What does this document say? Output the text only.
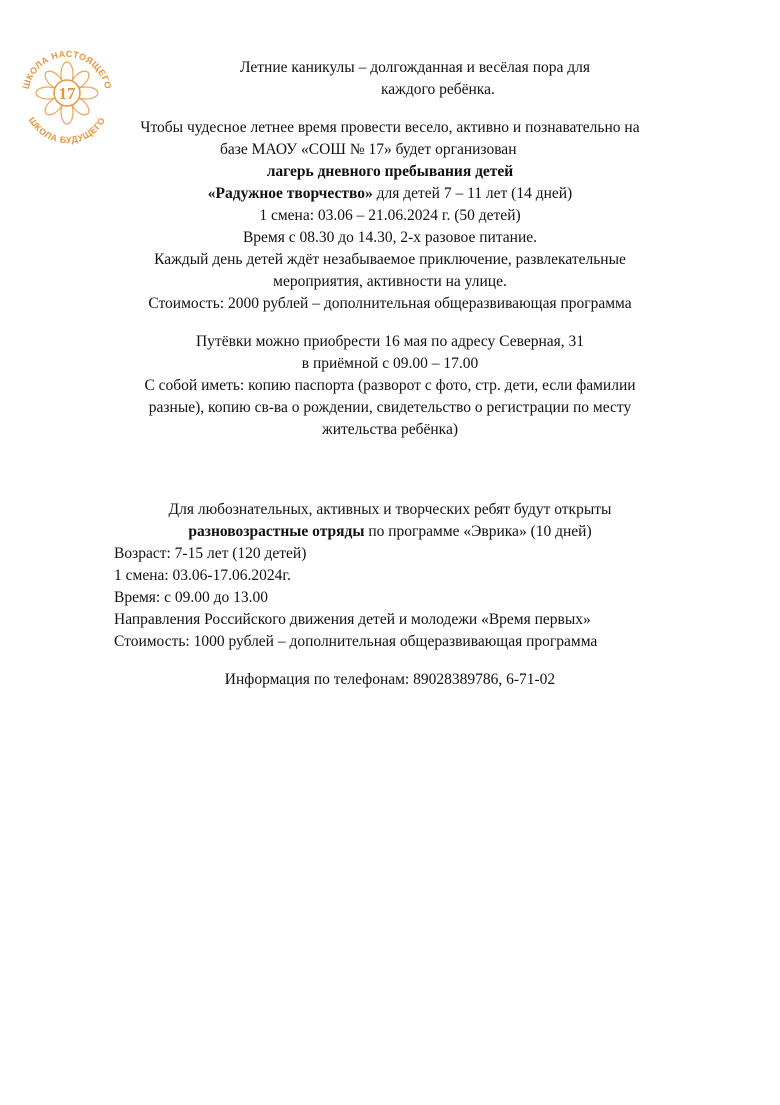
17
ШКОЛА НАСТОЯЩЕГО
ШКОЛА БУДУЩЕГО
Летние каникулы – долгожданная и весёлая пора для
каждого ребёнка.
Чтобы чудесное летнее время провести весело, активно и познавательно на
базе МАОУ «СОШ № 17» будет организован
лагерь дневного пребывания детей
«Радужное творчество» для детей 7 – 11 лет (14 дней)
1 смена: 03.06 – 21.06.2024 г. (50 детей)
Время с 08.30 до 14.30, 2-х разовое питание.
Каждый день детей ждёт незабываемое приключение, развлекательные
мероприятия, активности на улице.
Стоимость: 2000 рублей – дополнительная общеразвивающая программа
Путёвки можно приобрести 16 мая по адресу Северная, 31
в приёмной с 09.00 – 17.00
С собой иметь: копию паспорта (разворот с фото, стр. дети, если фамилии
разные), копию св-ва о рождении, свидетельство о регистрации по месту
жительства ребёнка)
Для любознательных, активных и творческих ребят будут открыты
разновозрастные отряды по программе «Эврика» (10 дней)
Возраст: 7-15 лет (120 детей)
1 смена: 03.06-17.06.2024г.
Время: с 09.00 до 13.00
Направления Российского движения детей и молодежи «Время первых»
Стоимость: 1000 рублей – дополнительная общеразвивающая программа
Информация по телефонам: 89028389786, 6-71-02
